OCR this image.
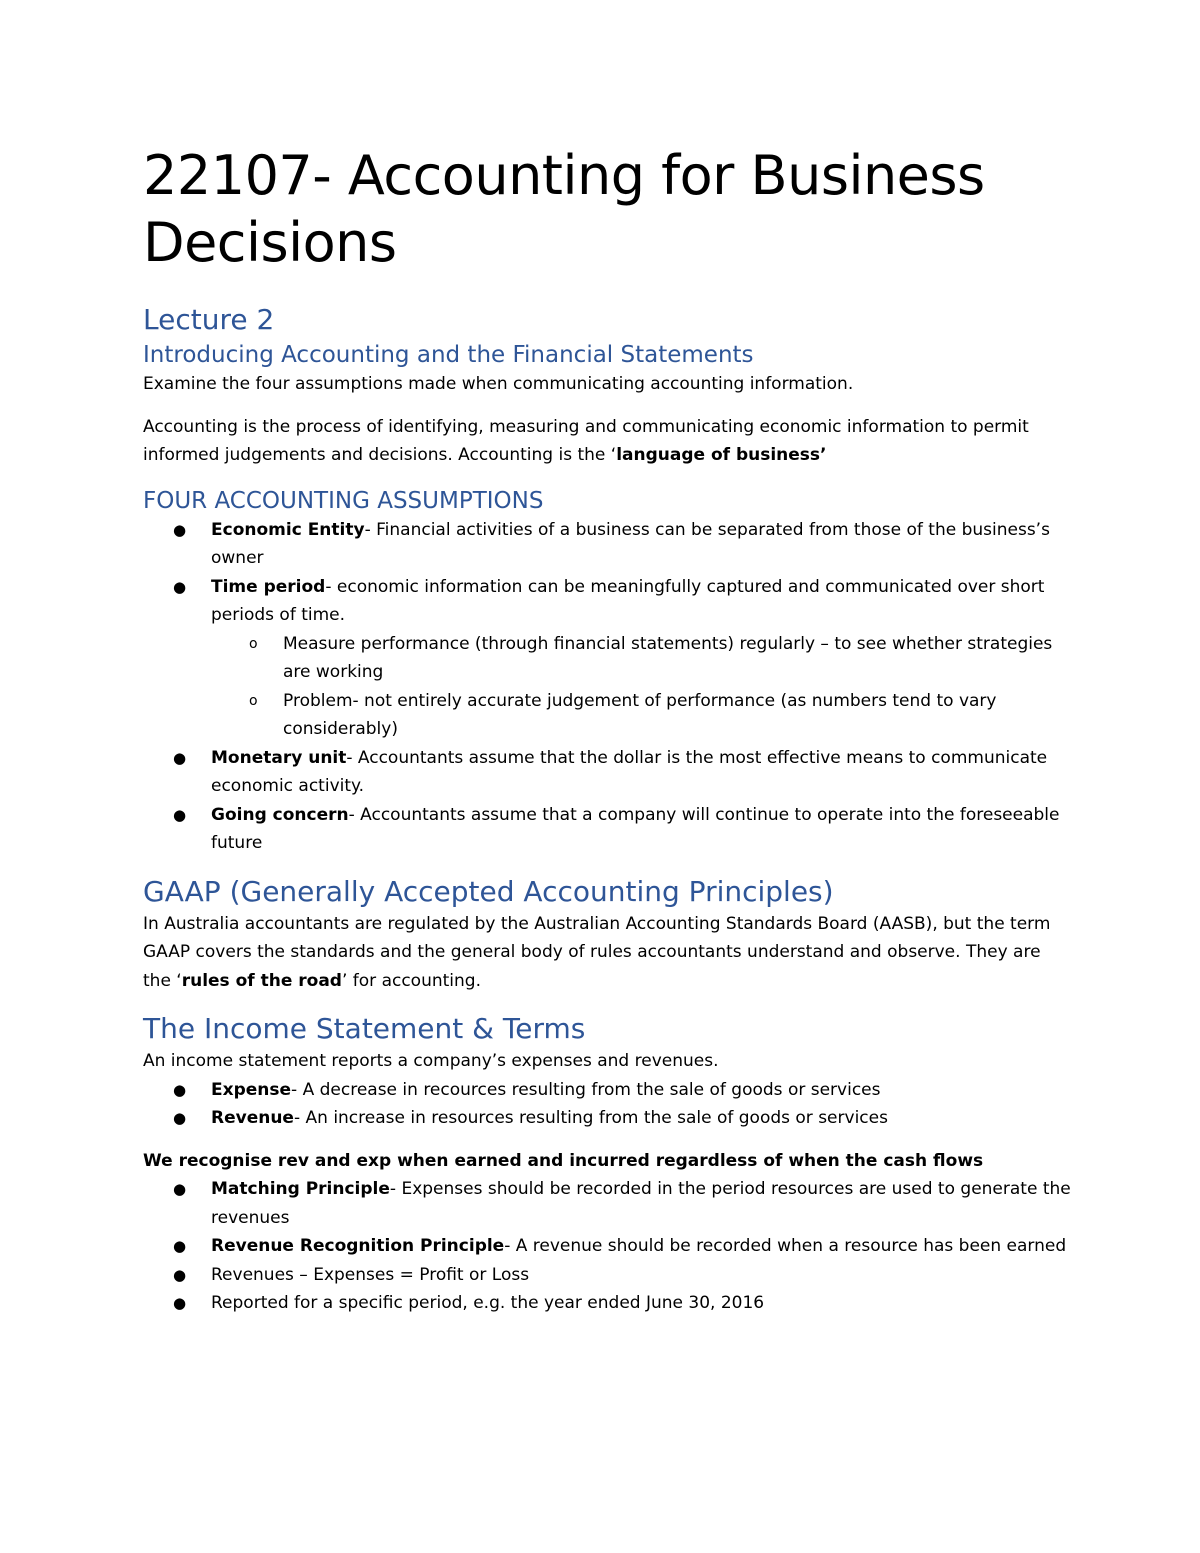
22107- Accounting for Business Decisions
Lecture 2
Introducing Accounting and the Financial Statements

Examine the four assumptions made when communicating accounting information.

Accounting is the process of identifying, measuring and communicating economic information to permit informed judgements and decisions. Accounting is the ‘language of business’

FOUR ACCOUNTING ASSUMPTIONS
● Economic Entity- Financial activities of a business can be separated from those of the business’s owner
● Time period- economic information can be meaningfully captured and communicated over short periods of time.
o Measure performance (through financial statements) regularly – to see whether strategies are working
o Problem- not entirely accurate judgement of performance (as numbers tend to vary considerably)
● Monetary unit- Accountants assume that the dollar is the most effective means to communicate economic activity.
● Going concern- Accountants assume that a company will continue to operate into the foreseeable future
GAAP (Generally Accepted Accounting Principles)

In Australia accountants are regulated by the Australian Accounting Standards Board (AASB), but the term GAAP covers the standards and the general body of rules accountants understand and observe. They are the ‘rules of the road’ for accounting.

The Income Statement & Terms

An income statement reports a company’s expenses and revenues.

● Expense- A decrease in recources resulting from the sale of goods or services
● Revenue- An increase in resources resulting from the sale of goods or services

We recognise rev and exp when earned and incurred regardless of when the cash flows

● Matching Principle- Expenses should be recorded in the period resources are used to generate the revenues
● Revenue Recognition Principle- A revenue should be recorded when a resource has been earned
● Revenues – Expenses = Profit or Loss
● Reported for a specific period, e.g. the year ended June 30, 2016
